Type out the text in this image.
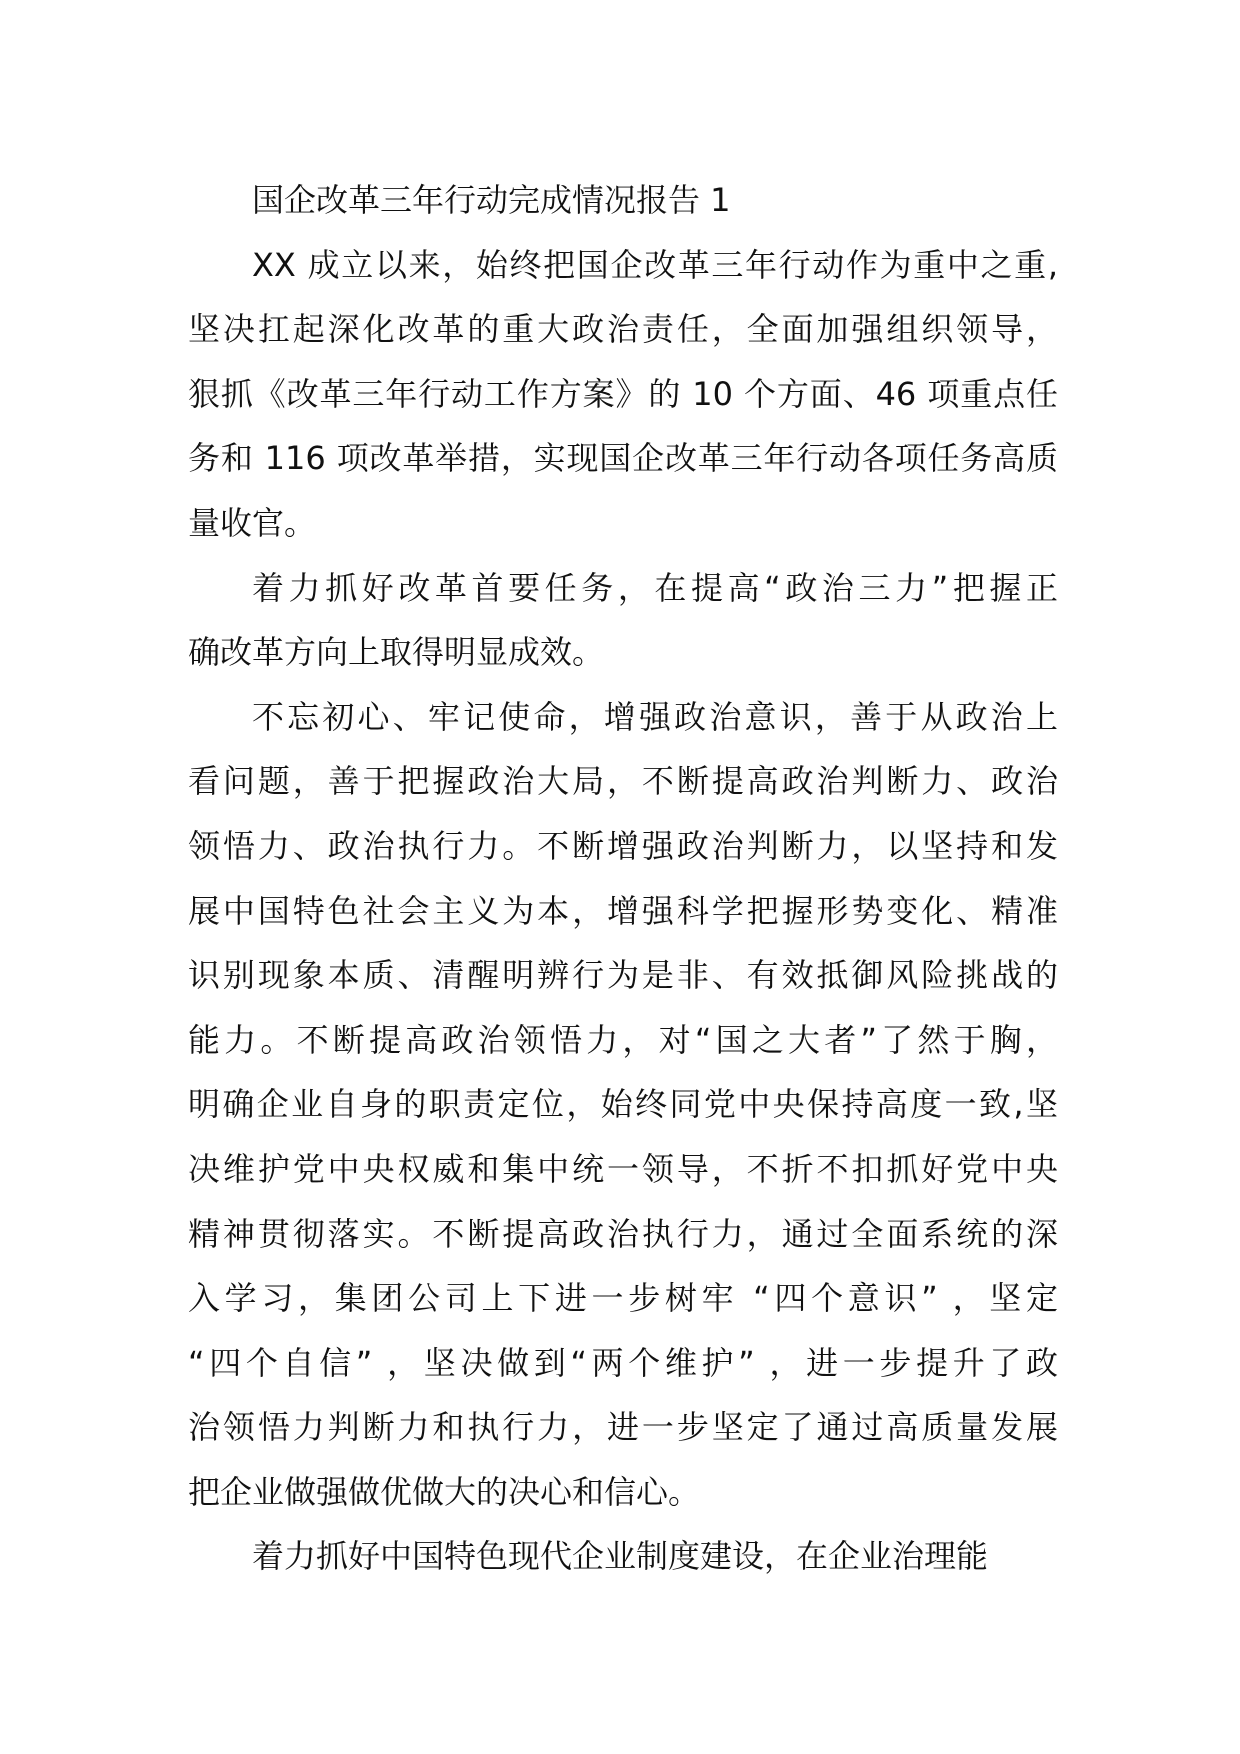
国企改革三年行动完成情况报告 1
XX 成立以来，始终把国企改革三年行动作为重中之重,
坚决扛起深化改革的重大政治责任，全面加强组织领导，
狠抓《改革三年行动工作方案》的 10 个方面、46 项重点任
务和 116 项改革举措，实现国企改革三年行动各项任务高质
量收官。
着力抓好改革首要任务，在提高“政治三力”把握正
确改革方向上取得明显成效。
不忘初心、牢记使命，增强政治意识，善于从政治上
看问题，善于把握政治大局，不断提高政治判断力、政治
领悟力、政治执行力。不断增强政治判断力，以坚持和发
展中国特色社会主义为本，增强科学把握形势变化、精准
识别现象本质、清醒明辨行为是非、有效抵御风险挑战的
能力。不断提高政治领悟力，对“国之大者”了然于胸，
明确企业自身的职责定位，始终同党中央保持高度一致,坚
决维护党中央权威和集中统一领导，不折不扣抓好党中央
精神贯彻落实。不断提高政治执行力，通过全面系统的深
入学习，集团公司上下进一步树牢 “四个意识” ，坚定
“四个自信” ，坚决做到“两个维护” ，进一步提升了政
治领悟力判断力和执行力，进一步坚定了通过高质量发展
把企业做强做优做大的决心和信心。
着力抓好中国特色现代企业制度建设，在企业治理能
